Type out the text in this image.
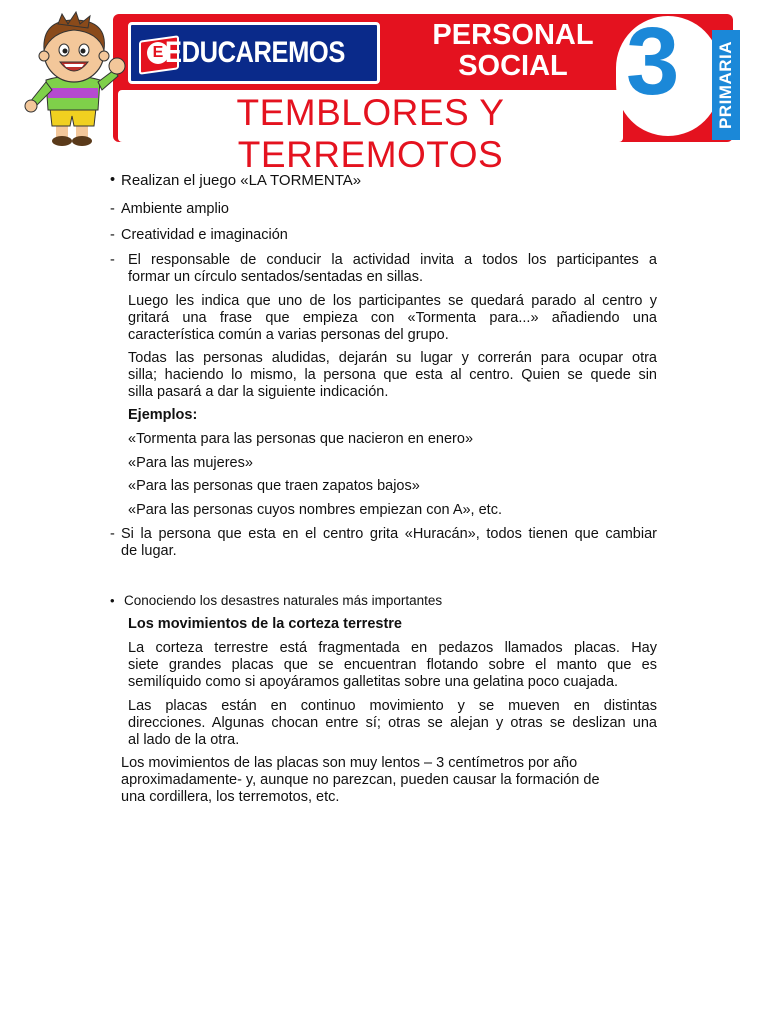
E EDUCAREMOS
PERSONAL
SOCIAL
TEMBLORES Y TERREMOTOS
3 o PRIMARIA
• Realizan el juego «LA TORMENTA»
- Ambiente amplio
- Creatividad e imaginación
- El responsable de conducir la actividad invita a todos los participantes a
formar un círculo sentados/sentadas en sillas.
Luego les indica que uno de los participantes se quedará parado al centro y
gritará una frase que empieza con «Tormenta para...» añadiendo una
característica común a varias personas del grupo.
Todas las personas aludidas, dejarán su lugar y correrán para ocupar otra
silla; haciendo lo mismo, la persona que esta al centro. Quien se quede sin
silla pasará a dar la siguiente indicación.
Ejemplos:
«Tormenta para las personas que nacieron en enero»
«Para las mujeres»
«Para las personas que traen zapatos bajos»
«Para las personas cuyos nombres empiezan con A», etc.
- Si la persona que esta en el centro grita «Huracán», todos tienen que cambiar
de lugar.
• Conociendo los desastres naturales más importantes
Los movimientos de la corteza terrestre
La corteza terrestre está fragmentada en pedazos llamados placas. Hay
siete grandes placas que se encuentran flotando sobre el manto que es
semilíquido como si apoyáramos galletitas sobre una gelatina poco cuajada.
Las placas están en continuo movimiento y se mueven en distintas
direcciones. Algunas chocan entre sí; otras se alejan y otras se deslizan una
al lado de la otra.
Los movimientos de las placas son muy lentos – 3 centímetros por año
aproximadamente- y, aunque no parezcan, pueden causar la formación de
una cordillera, los terremotos, etc.
